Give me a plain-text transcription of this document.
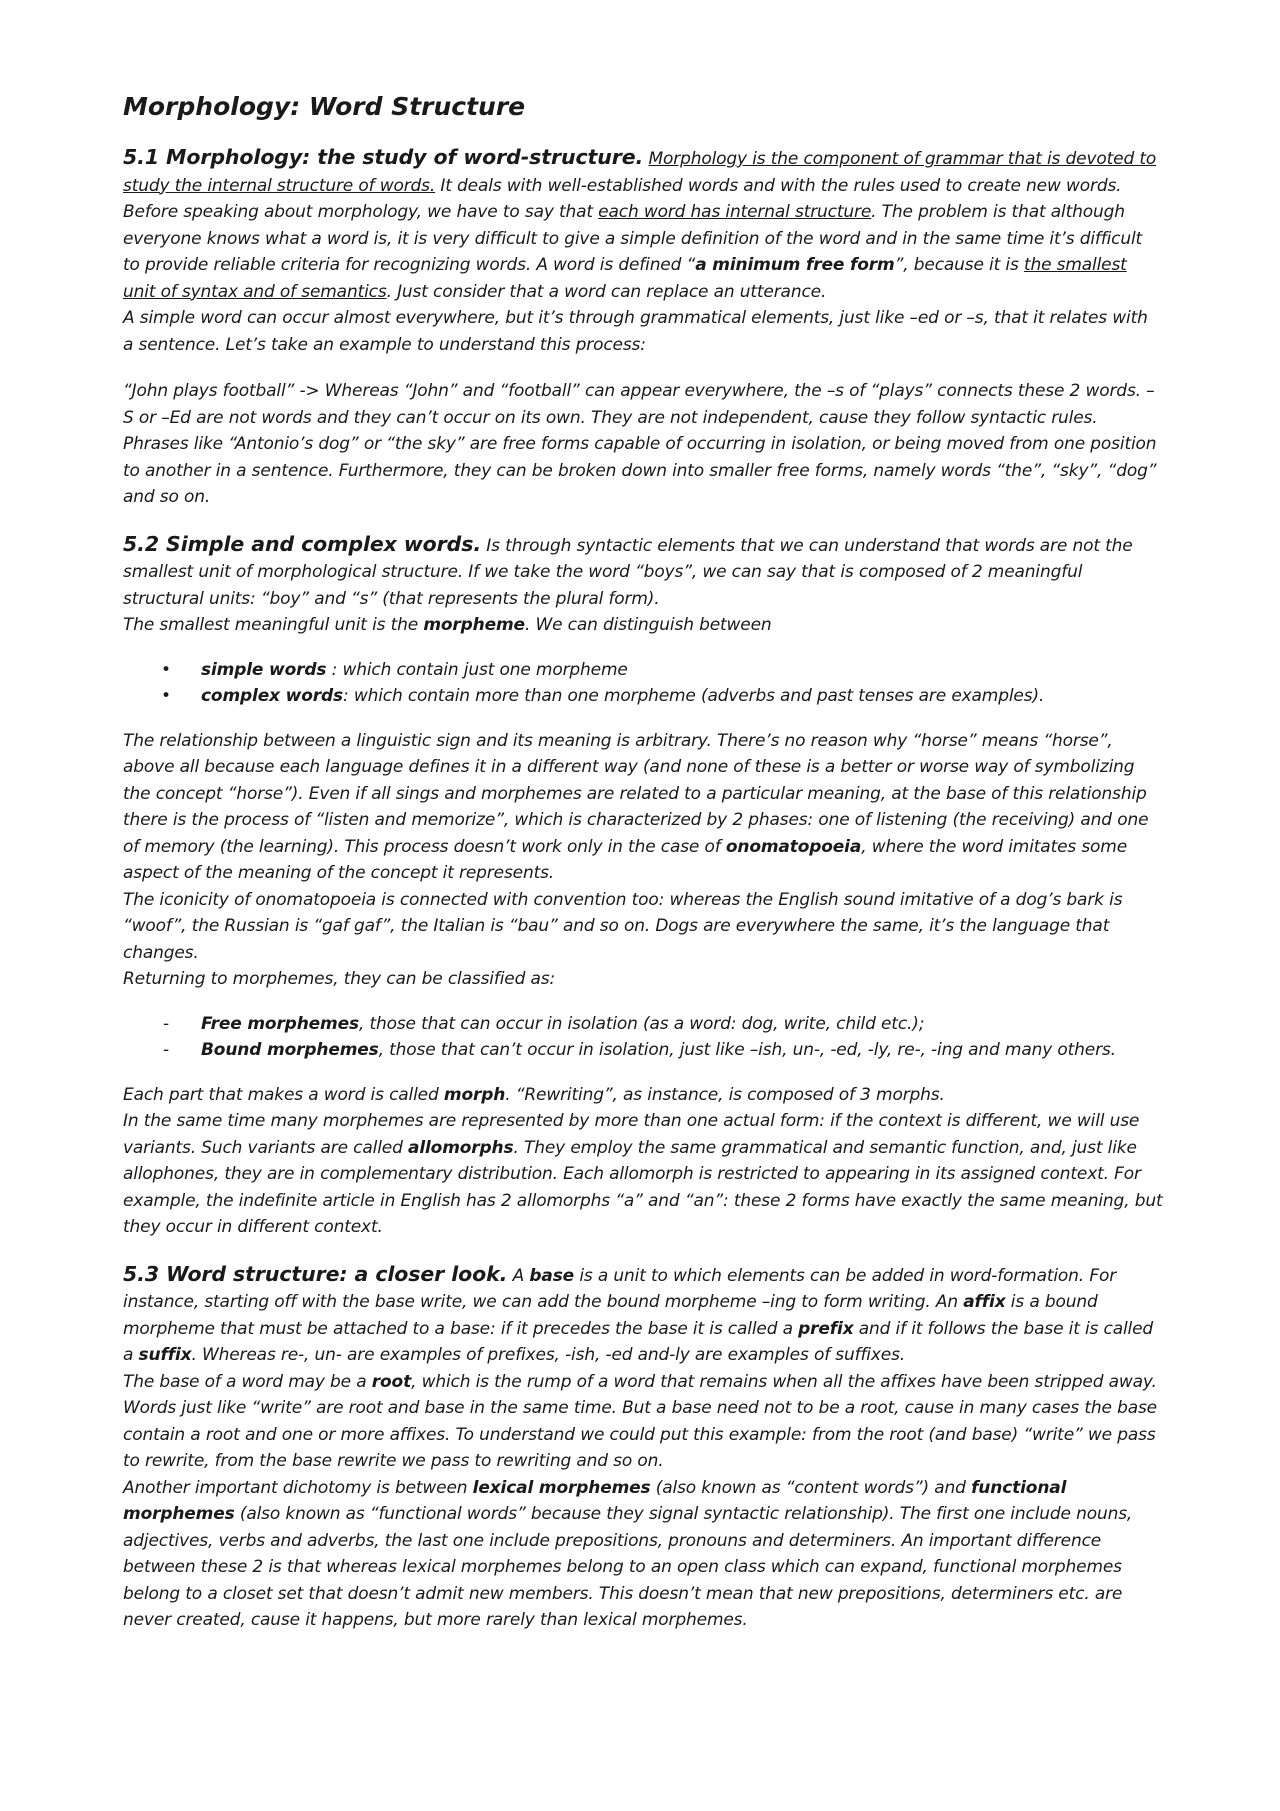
Morphology: Word Structure

5.1 Morphology: the study of word-structure. Morphology is the component of grammar that is devoted to study the internal structure of words. It deals with well-established words and with the rules used to create new words. Before speaking about morphology, we have to say that each word has internal structure. The problem is that although everyone knows what a word is, it is very difficult to give a simple definition of the word and in the same time it’s difficult to provide reliable criteria for recognizing words. A word is defined “a minimum free form”, because it is the smallest unit of syntax and of semantics. Just consider that a word can replace an utterance.

A simple word can occur almost everywhere, but it’s through grammatical elements, just like –ed or –s, that it relates with a sentence. Let’s take an example to understand this process:

“John plays football” -> Whereas “John” and “football” can appear everywhere, the –s of “plays” connects these 2 words. –S or –Ed are not words and they can’t occur on its own. They are not independent, cause they follow syntactic rules.

Phrases like “Antonio’s dog” or “the sky” are free forms capable of occurring in isolation, or being moved from one position to another in a sentence. Furthermore, they can be broken down into smaller free forms, namely words “the”, “sky”, “dog” and so on.

5.2 Simple and complex words. Is through syntactic elements that we can understand that words are not the smallest unit of morphological structure. If we take the word “boys”, we can say that is composed of 2 meaningful structural units: “boy” and “s” (that represents the plural form).

The smallest meaningful unit is the morpheme. We can distinguish between

• simple words : which contain just one morpheme
• complex words: which contain more than one morpheme (adverbs and past tenses are examples).

The relationship between a linguistic sign and its meaning is arbitrary. There’s no reason why “horse” means “horse”, above all because each language defines it in a different way (and none of these is a better or worse way of symbolizing the concept “horse”). Even if all sings and morphemes are related to a particular meaning, at the base of this relationship there is the process of “listen and memorize”, which is characterized by 2 phases: one of listening (the receiving) and one of memory (the learning). This process doesn’t work only in the case of onomatopoeia, where the word imitates some aspect of the meaning of the concept it represents.

The iconicity of onomatopoeia is connected with convention too: whereas the English sound imitative of a dog’s bark is “woof”, the Russian is “gaf gaf”, the Italian is “bau” and so on. Dogs are everywhere the same, it’s the language that changes.

Returning to morphemes, they can be classified as:

- Free morphemes, those that can occur in isolation (as a word: dog, write, child etc.);
- Bound morphemes, those that can’t occur in isolation, just like –ish, un-, -ed, -ly, re-, -ing and many others.

Each part that makes a word is called morph. “Rewriting”, as instance, is composed of 3 morphs.

In the same time many morphemes are represented by more than one actual form: if the context is different, we will use variants. Such variants are called allomorphs. They employ the same grammatical and semantic function, and, just like allophones, they are in complementary distribution. Each allomorph is restricted to appearing in its assigned context. For example, the indefinite article in English has 2 allomorphs “a” and “an”: these 2 forms have exactly the same meaning, but they occur in different context.

5.3 Word structure: a closer look. A base is a unit to which elements can be added in word-formation. For instance, starting off with the base write, we can add the bound morpheme –ing to form writing. An affix is a bound morpheme that must be attached to a base: if it precedes the base it is called a prefix and if it follows the base it is called a suffix. Whereas re-, un- are examples of prefixes, -ish, -ed and-ly are examples of suffixes.

The base of a word may be a root, which is the rump of a word that remains when all the affixes have been stripped away. Words just like “write” are root and base in the same time. But a base need not to be a root, cause in many cases the base contain a root and one or more affixes. To understand we could put this example: from the root (and base) “write” we pass to rewrite, from the base rewrite we pass to rewriting and so on.

Another important dichotomy is between lexical morphemes (also known as “content words”) and functional morphemes (also known as “functional words” because they signal syntactic relationship). The first one include nouns, adjectives, verbs and adverbs, the last one include prepositions, pronouns and determiners. An important difference between these 2 is that whereas lexical morphemes belong to an open class which can expand, functional morphemes belong to a closet set that doesn’t admit new members. This doesn’t mean that new prepositions, determiners etc. are never created, cause it happens, but more rarely than lexical morphemes.
